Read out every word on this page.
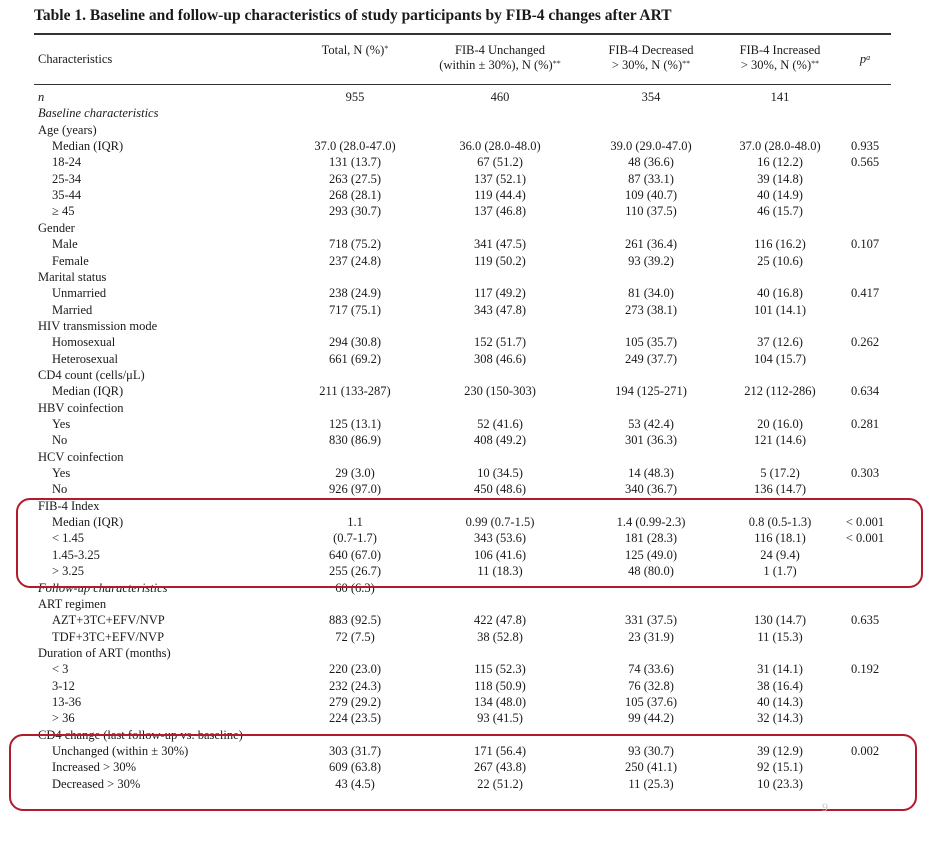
Table 1. Baseline and follow-up characteristics of study participants by FIB-4 changes after ART
Characteristics
Total, N (%)*	FIB-4 Unchanged
(within ± 30%), N (%)**
FIB-4 Decreased
> 30%, N (%)**
FIB-4 Increased
> 30%, N (%)**	$p^a$
n	955	460	354	141
Baseline characteristics
Age (years)
Median (IQR)	37.0 (28.0-47.0)	36.0 (28.0-48.0)	39.0 (29.0-47.0)	37.0 (28.0-48.0) 0.935
18-24	131 (13.7)	67 (51.2)	48 (36.6)	16 (12.2)	0.565
25-34	263 (27.5)	137 (52.1)	87 (33.1)	39 (14.8)
35-44	268 (28.1)	119 (44.4)	109 (40.7)	40 (14.9)
≥ 45	293 (30.7)	137 (46.8)	110 (37.5)	46 (15.7)
Gender
Male	718 (75.2)	341 (47.5)	261 (36.4)	116 (16.2)	0.107
Female	237 (24.8)	119 (50.2)	93 (39.2)	25 (10.6)
Marital status
Unmarried	238 (24.9)	117 (49.2)	81 (34.0)	40 (16.8)	0.417
Married	717 (75.1)	343 (47.8)	273 (38.1)	101 (14.1)
HIV transmission mode
Homosexual	294 (30.8)	152 (51.7)	105 (35.7)	37 (12.6)	0.262
Heterosexual	661 (69.2)	308 (46.6)	249 (37.7)	104 (15.7)
CD4 count (cells/μL)
Median (IQR)	211 (133-287)	230 (150-303)	194 (125-271)	212 (112-286)	0.634
HBV coinfection
Yes	125 (13.1)	52 (41.6)	53 (42.4)	20 (16.0)	0.281
No	830 (86.9)	408 (49.2)	301 (36.3)	121 (14.6)
HCV coinfection
Yes	29 (3.0)	10 (34.5)	14 (48.3)	5 (17.2)	0.303
No	926 (97.0)	450 (48.6)	340 (36.7)	136 (14.7)
FIB-4 Index
Median (IQR)	1.1	0.99 (0.7-1.5)	1.4 (0.99-2.3)	0.8 (0.5-1.3)	< 0.001
< 1.45	(0.7-1.7)	343 (53.6)	181 (28.3)	116 (18.1)	< 0.001
1.45-3.25	640 (67.0)	106 (41.6)	125 (49.0)	24 (9.4)
> 3.25	255 (26.7)	11 (18.3)	48 (80.0)	1 (1.7)
Follow-up characteristics	60 (6.3)
ART regimen
AZT+3TC+EFV/NVP	883 (92.5)	422 (47.8)	331 (37.5)	130 (14.7)	0.635
TDF+3TC+EFV/NVP	72 (7.5)	38 (52.8)	23 (31.9)	11 (15.3)
Duration of ART (months)
< 3	220 (23.0)	115 (52.3)	74 (33.6)	31 (14.1)	0.192
3-12	232 (24.3)	118 (50.9)	76 (32.8)	38 (16.4)
13-36	279 (29.2)	134 (48.0)	105 (37.6)	40 (14.3)
> 36	224 (23.5)	93 (41.5)	99 (44.2)	32 (14.3)
CD4 change (last follow-up vs. baseline)
Unchanged (within ± 30%)	303 (31.7)	171 (56.4)	93 (30.7)	39 (12.9)	0.002
Increased > 30%	609 (63.8)	267 (43.8)	250 (41.1)	92 (15.1)
Decreased > 30%	43 (4.5)	22 (51.2)	11 (25.3)	10 (23.3)
9
